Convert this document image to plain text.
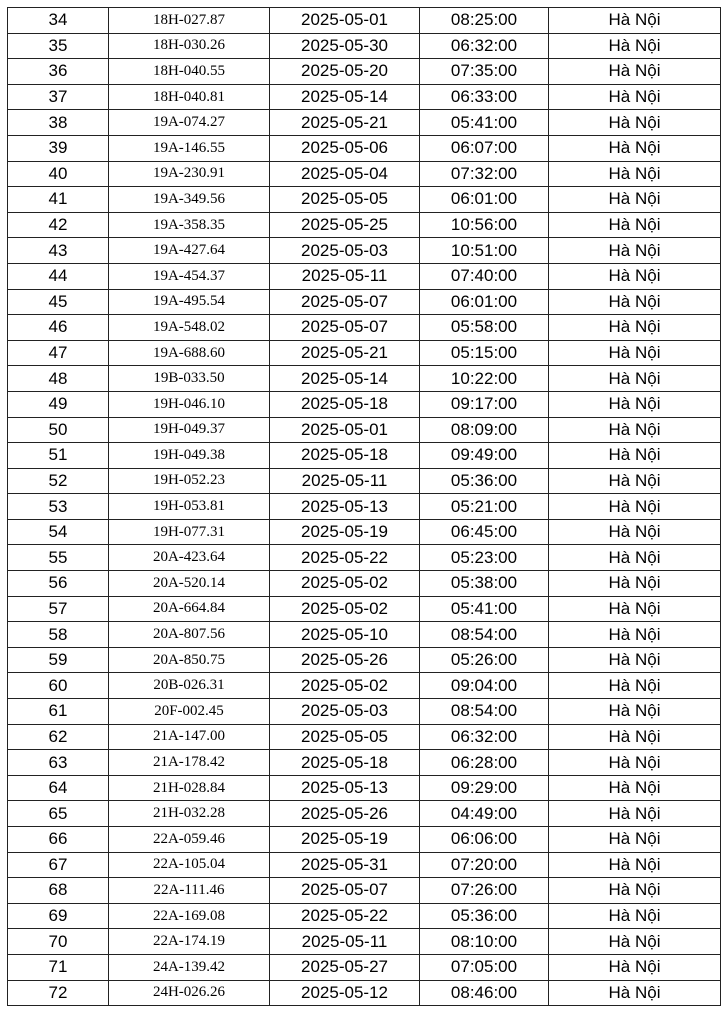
34	18H-027.87	2025-05-01	08:25:00	Hà Nội
35	18H-030.26	2025-05-30	06:32:00	Hà Nội
36	18H-040.55	2025-05-20	07:35:00	Hà Nội
37	18H-040.81	2025-05-14	06:33:00	Hà Nội
38	19A-074.27	2025-05-21	05:41:00	Hà Nội
39	19A-146.55	2025-05-06	06:07:00	Hà Nội
40	19A-230.91	2025-05-04	07:32:00	Hà Nội
41	19A-349.56	2025-05-05	06:01:00	Hà Nội
42	19A-358.35	2025-05-25	10:56:00	Hà Nội
43	19A-427.64	2025-05-03	10:51:00	Hà Nội
44	19A-454.37	2025-05-11	07:40:00	Hà Nội
45	19A-495.54	2025-05-07	06:01:00	Hà Nội
46	19A-548.02	2025-05-07	05:58:00	Hà Nội
47	19A-688.60	2025-05-21	05:15:00	Hà Nội
48	19B-033.50	2025-05-14	10:22:00	Hà Nội
49	19H-046.10	2025-05-18	09:17:00	Hà Nội
50	19H-049.37	2025-05-01	08:09:00	Hà Nội
51	19H-049.38	2025-05-18	09:49:00	Hà Nội
52	19H-052.23	2025-05-11	05:36:00	Hà Nội
53	19H-053.81	2025-05-13	05:21:00	Hà Nội
54	19H-077.31	2025-05-19	06:45:00	Hà Nội
55	20A-423.64	2025-05-22	05:23:00	Hà Nội
56	20A-520.14	2025-05-02	05:38:00	Hà Nội
57	20A-664.84	2025-05-02	05:41:00	Hà Nội
58	20A-807.56	2025-05-10	08:54:00	Hà Nội
59	20A-850.75	2025-05-26	05:26:00	Hà Nội
60	20B-026.31	2025-05-02	09:04:00	Hà Nội
61	20F-002.45	2025-05-03	08:54:00	Hà Nội
62	21A-147.00	2025-05-05	06:32:00	Hà Nội
63	21A-178.42	2025-05-18	06:28:00	Hà Nội
64	21H-028.84	2025-05-13	09:29:00	Hà Nội
65	21H-032.28	2025-05-26	04:49:00	Hà Nội
66	22A-059.46	2025-05-19	06:06:00	Hà Nội
67	22A-105.04	2025-05-31	07:20:00	Hà Nội
68	22A-111.46	2025-05-07	07:26:00	Hà Nội
69	22A-169.08	2025-05-22	05:36:00	Hà Nội
70	22A-174.19	2025-05-11	08:10:00	Hà Nội
71	24A-139.42	2025-05-27	07:05:00	Hà Nội
72	24H-026.26	2025-05-12	08:46:00	Hà Nội
